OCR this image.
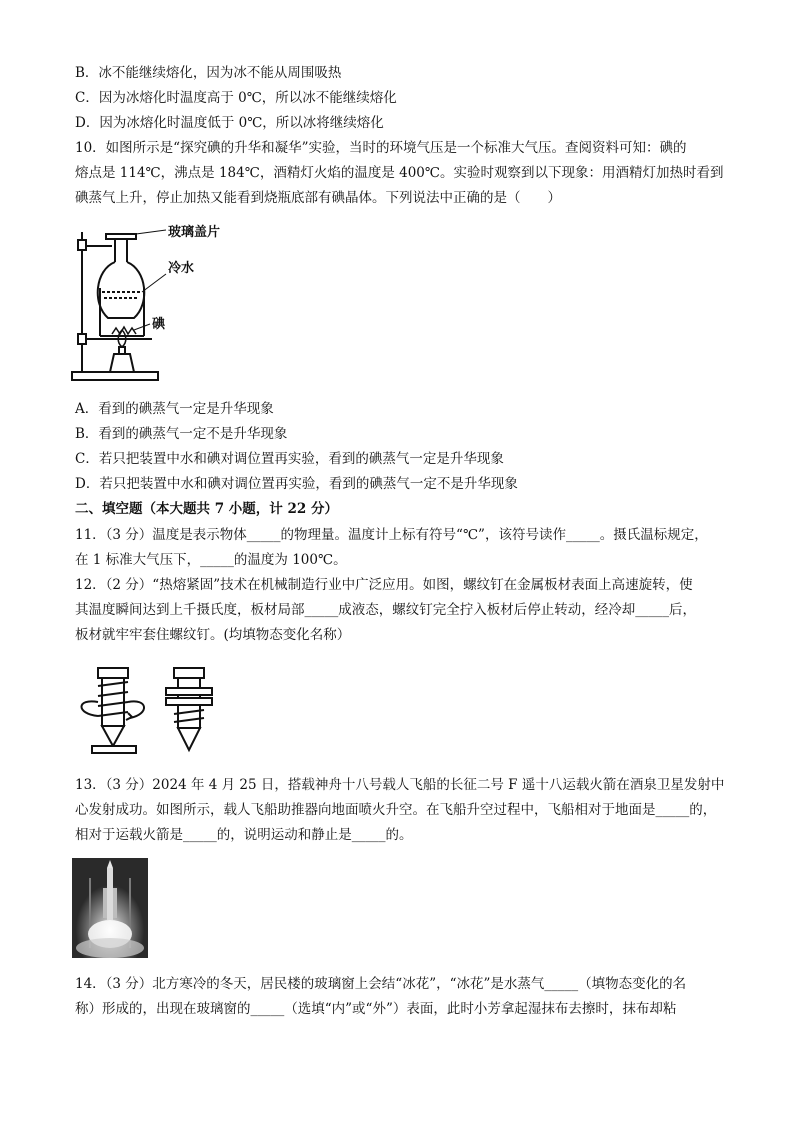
B．冰不能继续熔化，因为冰不能从周围吸热
C．因为冰熔化时温度高于 0℃，所以冰不能继续熔化
D．因为冰熔化时温度低于 0℃，所以冰将继续熔化
10．如图所示是“探究碘的升华和凝华”实验，当时的环境气压是一个标准大气压。查阅资料可知：碘的
熔点是 114℃，沸点是 184℃，酒精灯火焰的温度是 400℃。实验时观察到以下现象：用酒精灯加热时看到
碘蒸气上升，停止加热又能看到烧瓶底部有碘晶体。下列说法中正确的是（　　）
玻璃盖片
冷水
碘
A．看到的碘蒸气一定是升华现象
B．看到的碘蒸气一定不是升华现象
C．若只把装置中水和碘对调位置再实验，看到的碘蒸气一定是升华现象
D．若只把装置中水和碘对调位置再实验，看到的碘蒸气一定不是升华现象
二、填空题（本大题共 7 小题，计 22 分）
11．（3 分）温度是表示物体_____的物理量。温度计上标有符号“℃”，该符号读作_____。摄氏温标规定，
在 1 标准大气压下，_____的温度为 100℃。
12．（2 分）“热熔紧固”技术在机械制造行业中广泛应用。如图，螺纹钉在金属板材表面上高速旋转，使
其温度瞬间达到上千摄氏度，板材局部_____成液态，螺纹钉完全拧入板材后停止转动，经冷却_____后，
板材就牢牢套住螺纹钉。(均填物态变化名称）
13．（3 分）2024 年 4 月 25 日，搭载神舟十八号载人飞船的长征二号 F 遥十八运载火箭在酒泉卫星发射中
心发射成功。如图所示，载人飞船助推器向地面喷火升空。在飞船升空过程中，飞船相对于地面是_____的，
相对于运载火箭是_____的，说明运动和静止是_____的。
14．（3 分）北方寒冷的冬天，居民楼的玻璃窗上会结“冰花”，“冰花”是水蒸气_____（填物态变化的名
称）形成的，出现在玻璃窗的_____（选填“内”或“外”）表面，此时小芳拿起湿抹布去擦时，抹布却粘
